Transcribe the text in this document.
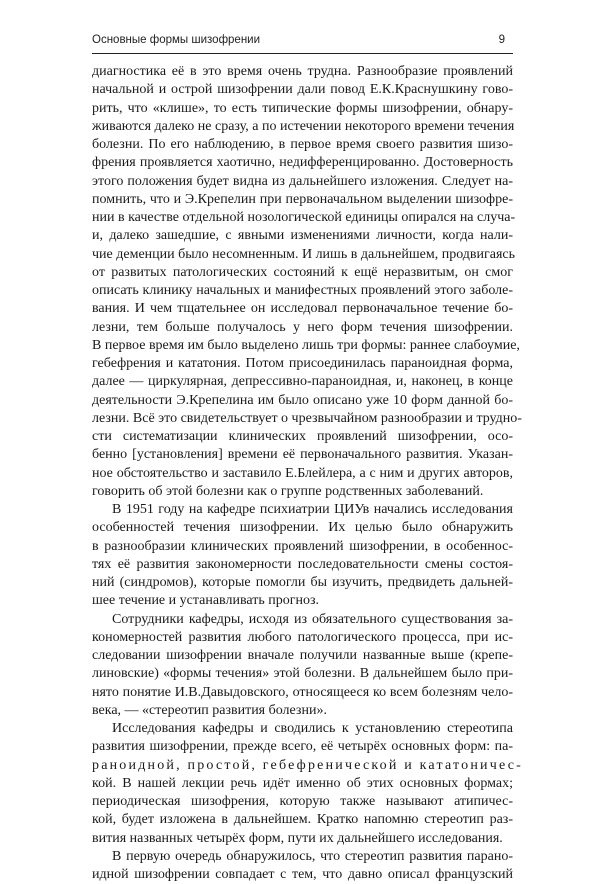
Основные формы шизофрении	9
диагностика её в это время очень трудна. Разнообразие проявлений
начальной и острой шизофрении дали повод Е.К.Краснушкину гово-
рить, что «клише», то есть типические формы шизофрении, обнару-
живаются далеко не сразу, а по истечении некоторого времени течения
болезни. По его наблюдению, в первое время своего развития шизо-
френия проявляется хаотично, недифференцированно. Достоверность
этого положения будет видна из дальнейшего изложения. Следует на-
помнить, что и Э.Крепелин при первоначальном выделении шизофре-
нии в качестве отдельной нозологической единицы опирался на случа-
и, далеко зашедшие, с явными изменениями личности, когда нали-
чие деменции было несомненным. И лишь в дальнейшем, продвигаясь
от развитых патологических состояний к ещё неразвитым, он смог
описать клинику начальных и манифестных проявлений этого заболе-
вания. И чем тщательнее он исследовал первоначальное течение бо-
лезни, тем больше получалось у него форм течения шизофрении.
В первое время им было выделено лишь три формы: раннее слабоумие,
гебефрения и кататония. Потом присоединилась параноидная форма,
далее — циркулярная, депрессивно-параноидная, и, наконец, в конце
деятельности Э.Крепелина им было описано уже 10 форм данной бо-
лезни. Всё это свидетельствует о чрезвычайном разнообразии и трудно-
сти систематизации клинических проявлений шизофрении, осо-
бенно [установления] времени её первоначального развития. Указан-
ное обстоятельство и заставило Е.Блейлера, а с ним и других авторов,
говорить об этой болезни как о группе родственных заболеваний.
В 1951 году на кафедре психиатрии ЦИУв начались исследования
особенностей течения шизофрении. Их целью было обнаружить
в разнообразии клинических проявлений шизофрении, в особеннос-
тях её развития закономерности последовательности смены состоя-
ний (синдромов), которые помогли бы изучить, предвидеть дальней-
шее течение и устанавливать прогноз.
Сотрудники кафедры, исходя из обязательного существования за-
кономерностей развития любого патологического процесса, при ис-
следовании шизофрении вначале получили названные выше (крепе-
линовские) «формы течения» этой болезни. В дальнейшем было при-
нято понятие И.В.Давыдовского, относящееся ко всем болезням чело-
века, — «стереотип развития болезни».
Исследования кафедры и сводились к установлению стереотипа
развития шизофрении, прежде всего, её четырёх основных форм: па-
раноидной, простой, гебефренической и кататоничес-
кой. В нашей лекции речь идёт именно об этих основных формах;
периодическая шизофрения, которую также называют атипичес-
кой, будет изложена в дальнейшем. Кратко напомню стереотип раз-
вития названных четырёх форм, пути их дальнейшего исследования.
В первую очередь обнаружилось, что стереотип развития парано-
идной шизофрении совпадает с тем, что давно описал французский
